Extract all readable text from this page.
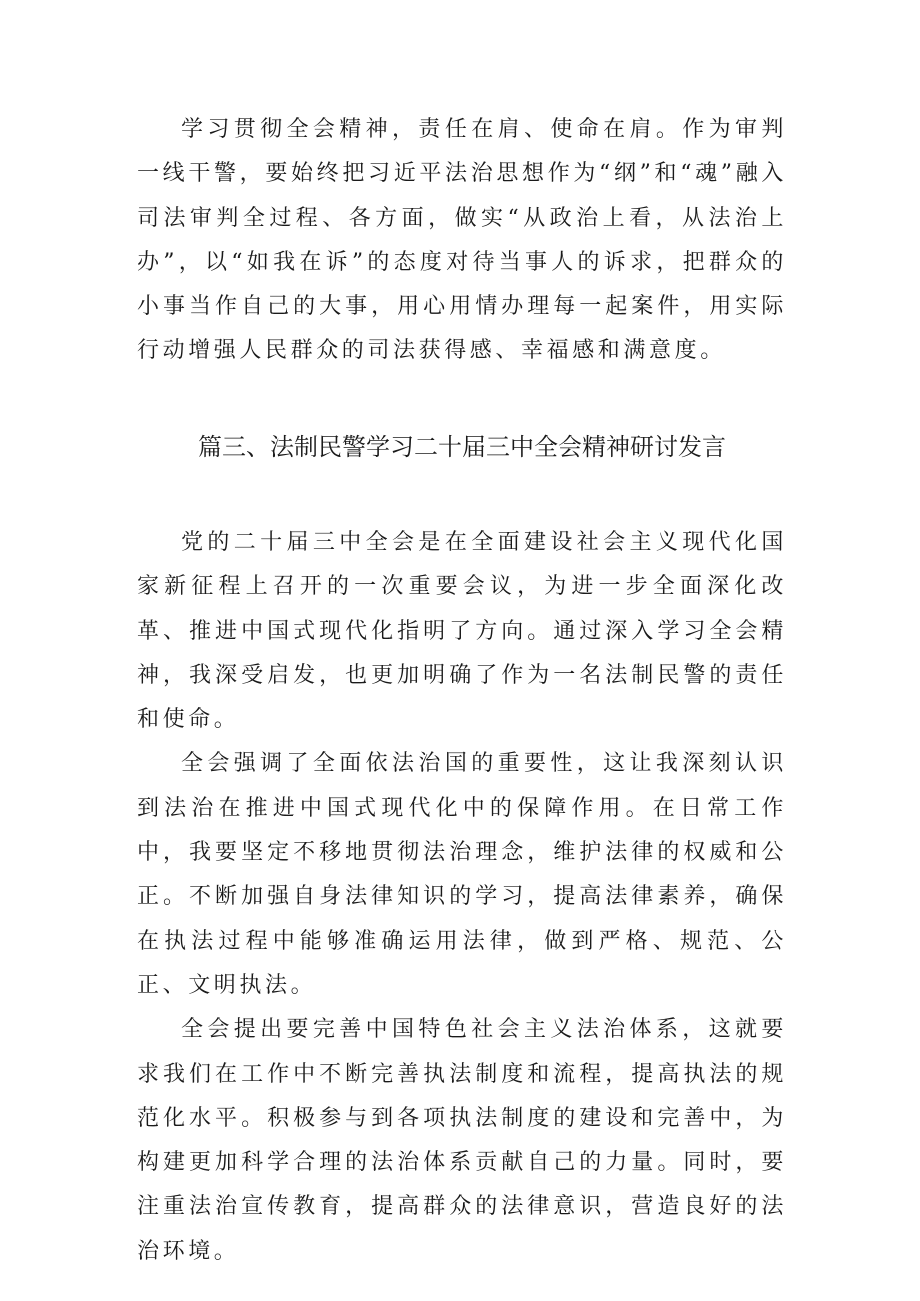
学习贯彻全会精神，责任在肩、使命在肩。作为审判一线干警，要始终把习近平法治思想作为“纲”和“魂”融入司法审判全过程、各方面，做实“从政治上看，从法治上办”，以“如我在诉”的态度对待当事人的诉求，把群众的小事当作自己的大事，用心用情办理每一起案件，用实际行动增强人民群众的司法获得感、幸福感和满意度。

篇三、法制民警学习二十届三中全会精神研讨发言

党的二十届三中全会是在全面建设社会主义现代化国家新征程上召开的一次重要会议，为进一步全面深化改革、推进中国式现代化指明了方向。通过深入学习全会精神，我深受启发，也更加明确了作为一名法制民警的责任和使命。

全会强调了全面依法治国的重要性，这让我深刻认识到法治在推进中国式现代化中的保障作用。在日常工作中，我要坚定不移地贯彻法治理念，维护法律的权威和公正。不断加强自身法律知识的学习，提高法律素养，确保在执法过程中能够准确运用法律，做到严格、规范、公正、文明执法。

全会提出要完善中国特色社会主义法治体系，这就要求我们在工作中不断完善执法制度和流程，提高执法的规范化水平。积极参与到各项执法制度的建设和完善中，为构建更加科学合理的法治体系贡献自己的力量。同时，要注重法治宣传教育，提高群众的法律意识，营造良好的法治环境。
